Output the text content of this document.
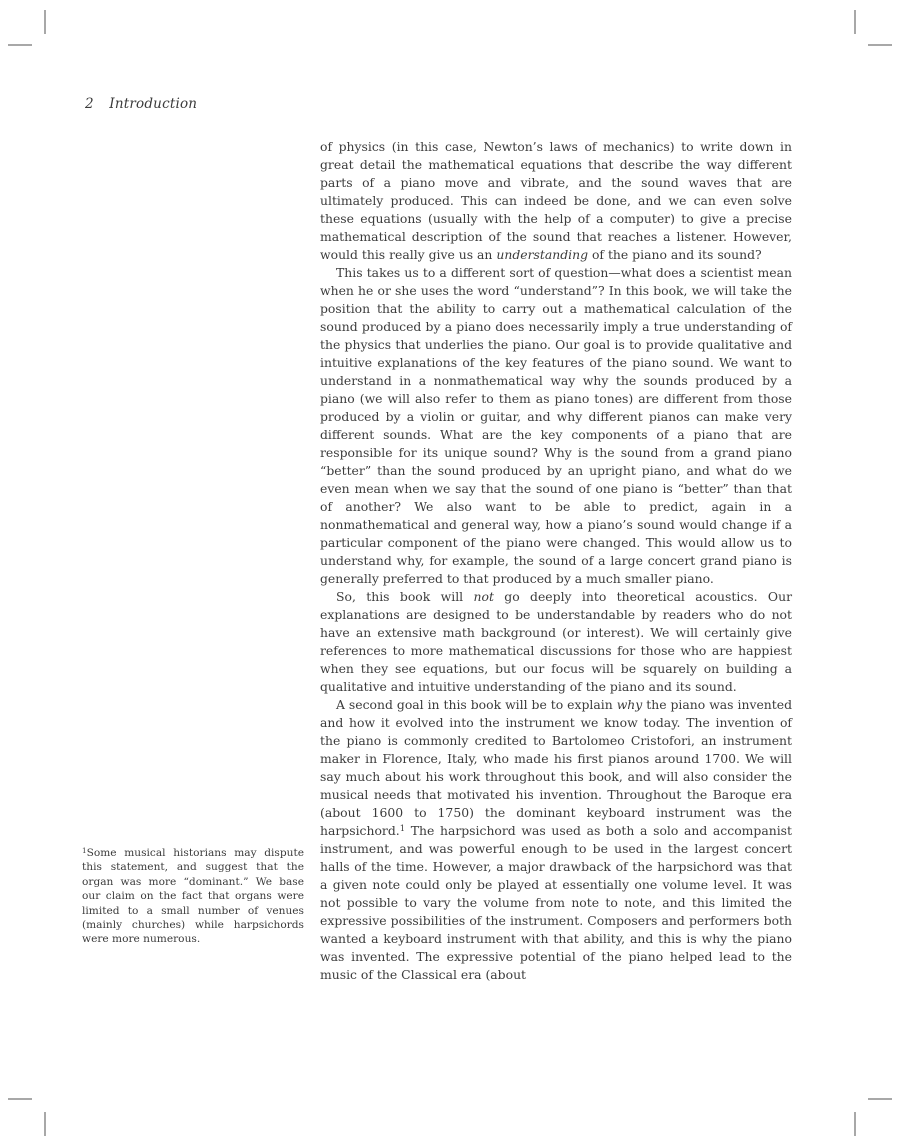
2 Introduction

$^1$Some musical historians may dispute this statement, and suggest that the organ was more “dominant.” We base our claim on the fact that organs were limited to a small number of venues (mainly churches) while harpsichords were more numerous.

of physics (in this case, Newton’s laws of mechanics) to write down in great detail the mathematical equations that describe the way different parts of a piano move and vibrate, and the sound waves that are ultimately produced. This can indeed be done, and we can even solve these equations (usually with the help of a computer) to give a precise mathematical description of the sound that reaches a listener. However, would this really give us an understanding of the piano and its sound?

This takes us to a different sort of question—what does a scientist mean when he or she uses the word “understand”? In this book, we will take the position that the ability to carry out a mathematical calculation of the sound produced by a piano does necessarily imply a true understanding of the physics that underlies the piano. Our goal is to provide qualitative and intuitive explanations of the key features of the piano sound. We want to understand in a nonmathematical way why the sounds produced by a piano (we will also refer to them as piano tones) are different from those produced by a violin or guitar, and why different pianos can make very different sounds. What are the key components of a piano that are responsible for its unique sound? Why is the sound from a grand piano “better” than the sound produced by an upright piano, and what do we even mean when we say that the sound of one piano is “better” than that of another? We also want to be able to predict, again in a nonmathematical and general way, how a piano’s sound would change if a particular component of the piano were changed. This would allow us to understand why, for example, the sound of a large concert grand piano is generally preferred to that produced by a much smaller piano.

So, this book will not go deeply into theoretical acoustics. Our explanations are designed to be understandable by readers who do not have an extensive math background (or interest). We will certainly give references to more mathematical discussions for those who are happiest when they see equations, but our focus will be squarely on building a qualitative and intuitive understanding of the piano and its sound.

A second goal in this book will be to explain why the piano was invented and how it evolved into the instrument we know today. The invention of the piano is commonly credited to Bartolomeo Cristofori, an instrument maker in Florence, Italy, who made his first pianos around 1700. We will say much about his work throughout this book, and will also consider the musical needs that motivated his invention. Throughout the Baroque era (about 1600 to 1750) the dominant keyboard instrument was the harpsichord.$^1$ The harpsichord was used as both a solo and accompanist instrument, and was powerful enough to be used in the largest concert halls of the time. However, a major drawback of the harpsichord was that a given note could only be played at essentially one volume level. It was not possible to vary the volume from note to note, and this limited the expressive possibilities of the instrument. Composers and performers both wanted a keyboard instrument with that ability, and this is why the piano was invented. The expressive potential of the piano helped lead to the music of the Classical era (about
